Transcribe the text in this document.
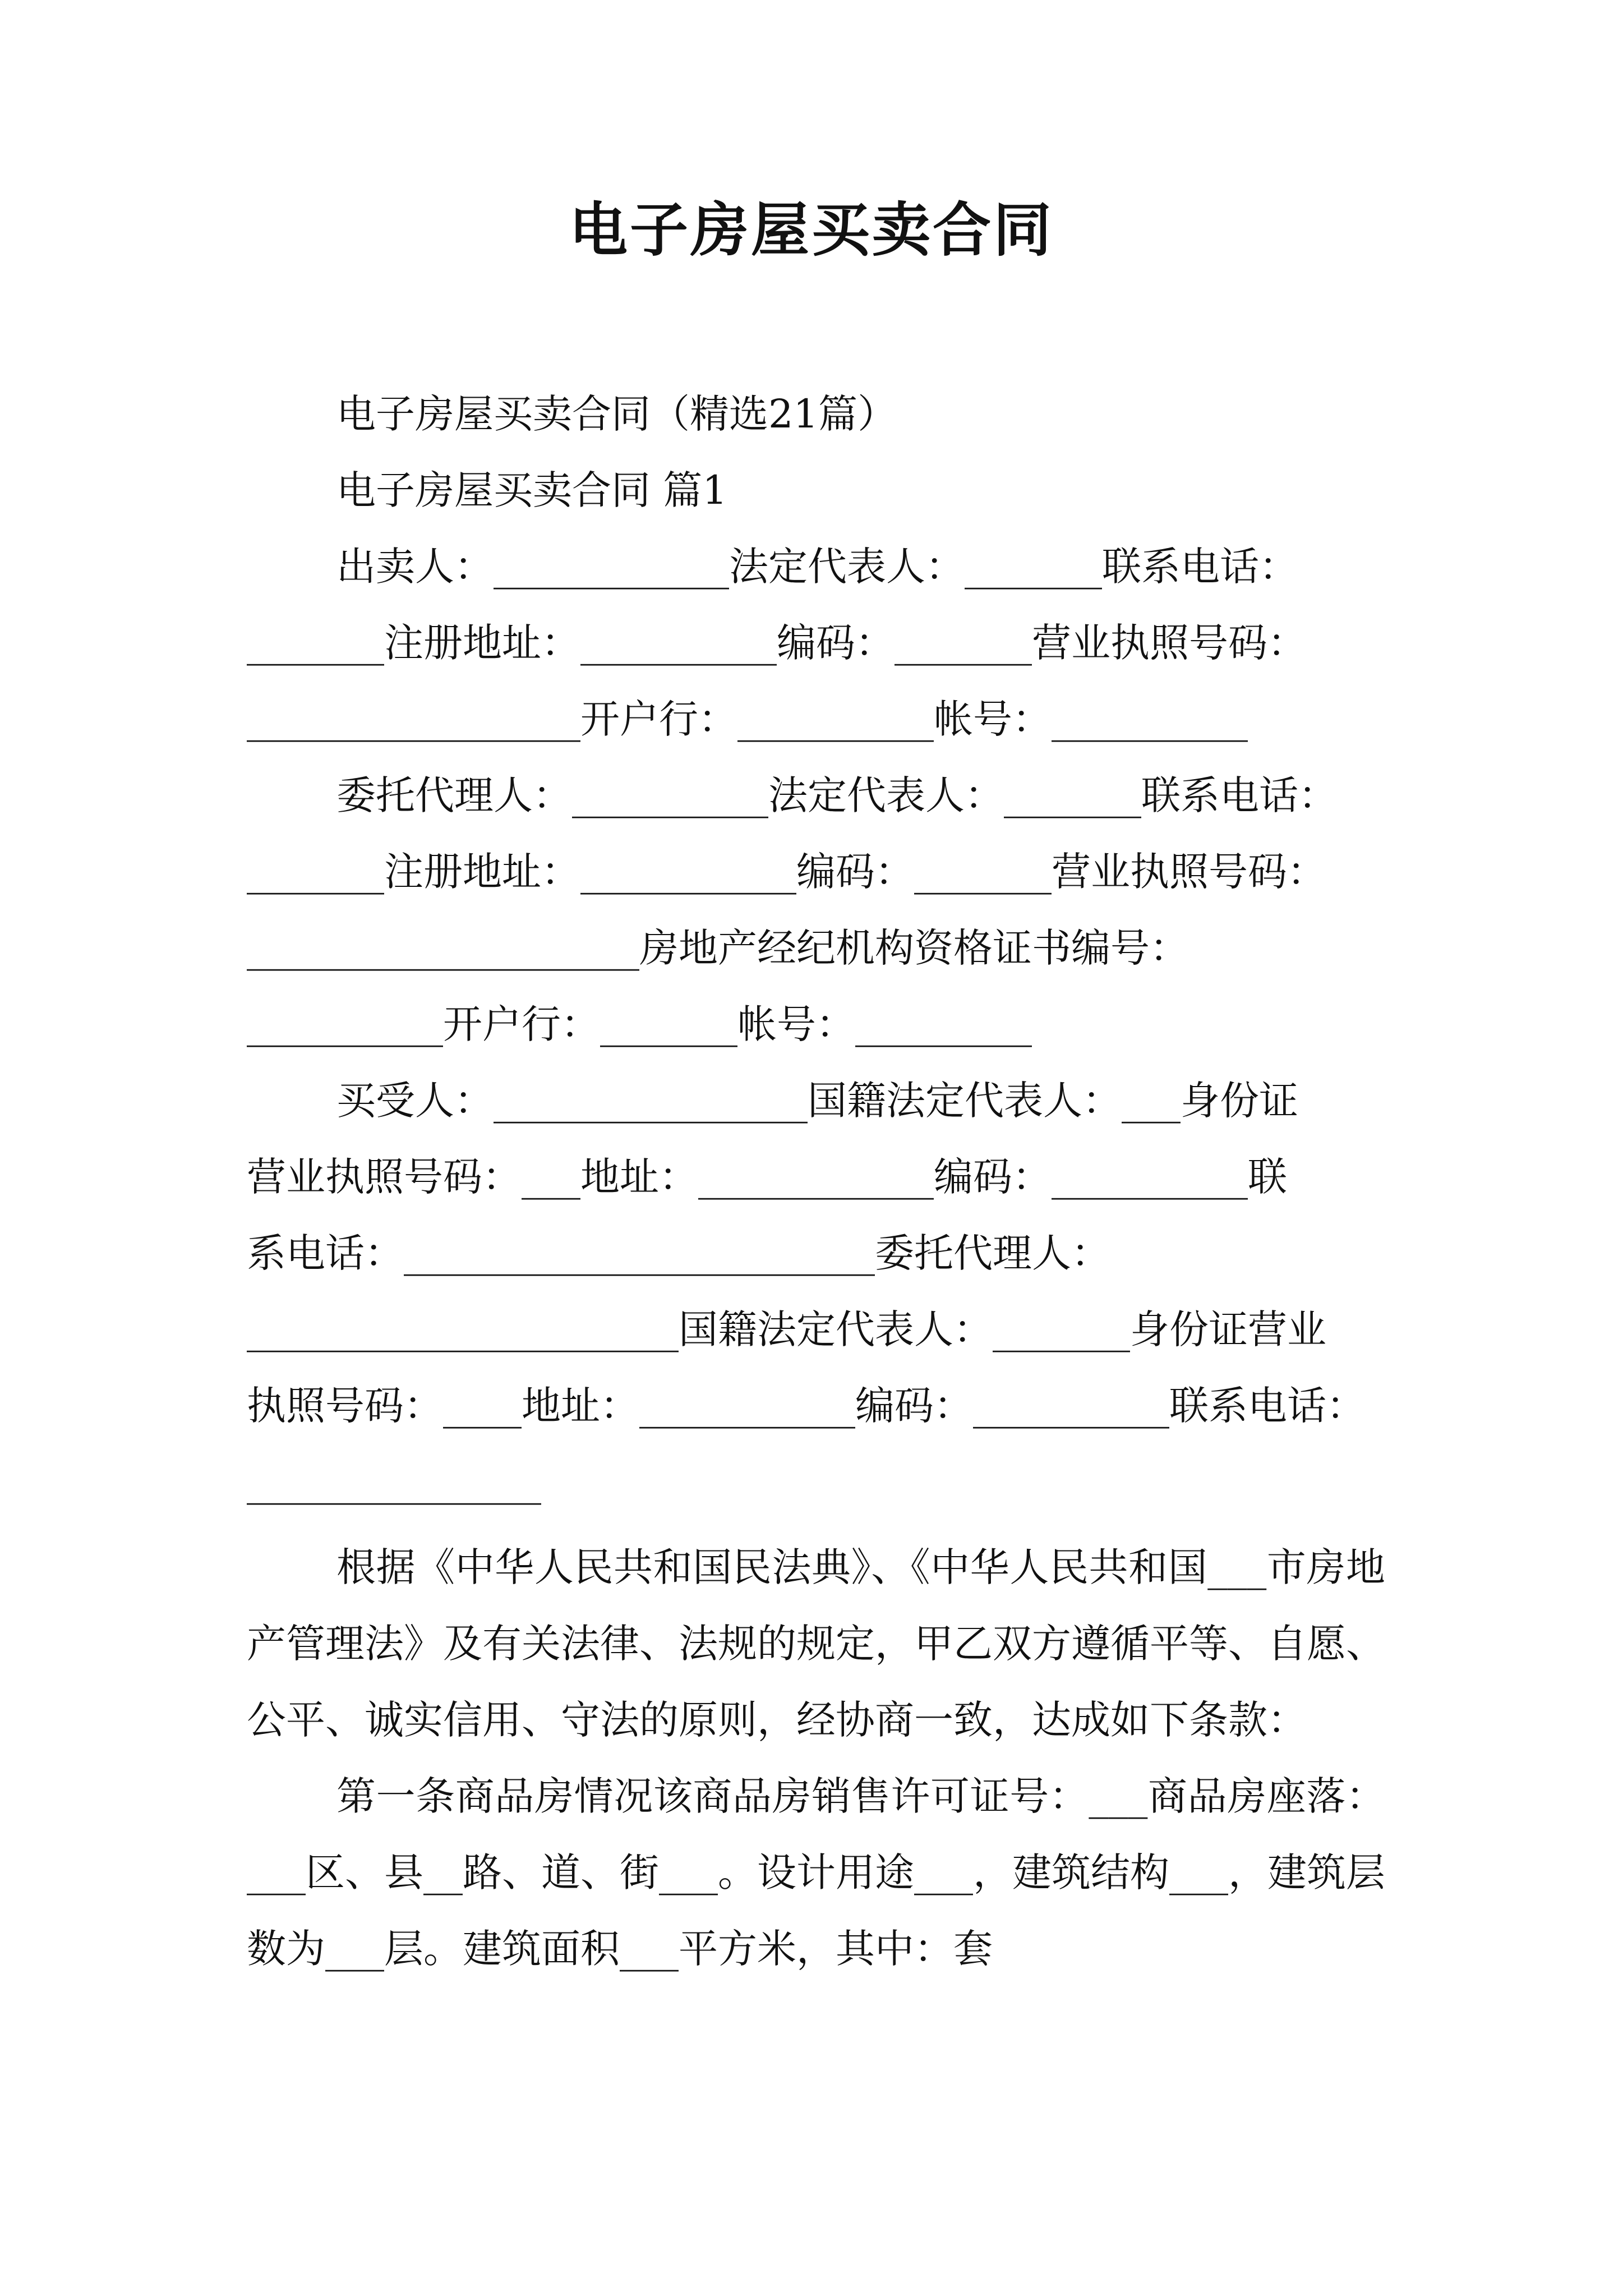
电子房屋买卖合同
电子房屋买卖合同（精选21篇）
电子房屋买卖合同 篇1
出卖人：____________法定代表人：_______联系电话：
_______注册地址：__________编码：_______营业执照号码：
_________________开户行：__________帐号：__________
委托代理人：__________法定代表人：_______联系电话：
_______注册地址：___________编码：_______营业执照号码：
____________________房地产经纪机构资格证书编号：
__________开户行：_______帐号：_________
买受人：________________国籍法定代表人：___身份证
营业执照号码：___地址：____________编码：__________联
系电话：________________________委托代理人：
______________________国籍法定代表人：_______身份证营业
执照号码：____地址：___________编码：__________联系电话：
_______________

根据《中华人民共和国民法典》、《中华人民共和国___市房地产管理法》及有关法律、法规的规定，甲乙双方遵循平等、自愿、公平、诚实信用、守法的原则，经协商一致，达成如下条款：

第一条商品房情况该商品房销售许可证号：___商品房座落：___区、县__路、道、街___。设计用途___，建筑结构___，建筑层数为___层。建筑面积___平方米，其中：套
